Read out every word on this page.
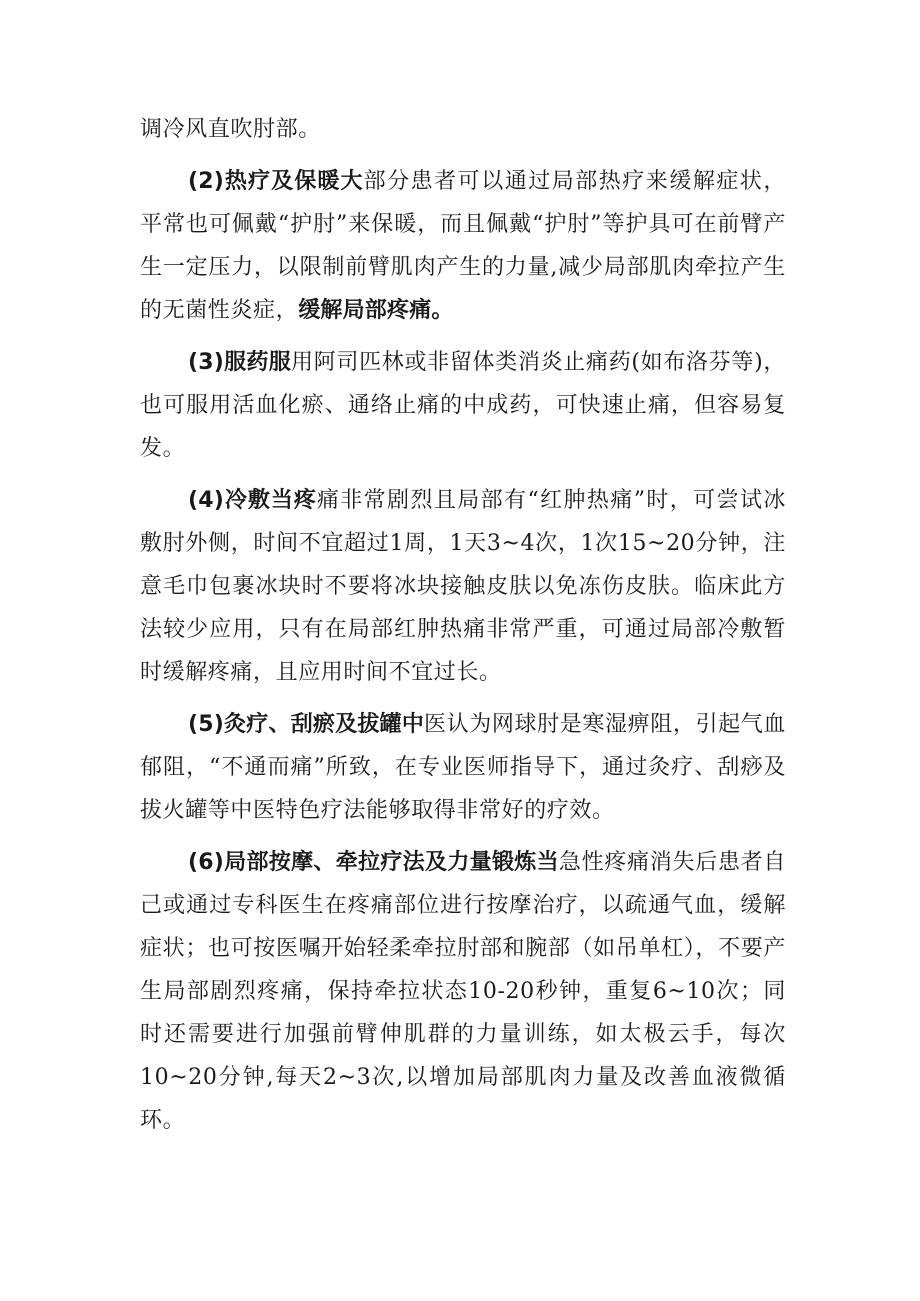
调冷风直吹肘部。

(2)热疗及保暖大部分患者可以通过局部热疗来缓解症状，平常也可佩戴“护肘”来保暖，而且佩戴“护肘”等护具可在前臂产生一定压力，以限制前臂肌肉产生的力量,减少局部肌肉牵拉产生的无菌性炎症，缓解局部疼痛。

(3)服药服用阿司匹林或非留体类消炎止痛药(如布洛芬等)，也可服用活血化瘀、通络止痛的中成药，可快速止痛，但容易复发。

(4)冷敷当疼痛非常剧烈且局部有“红肿热痛”时，可尝试冰敷肘外侧，时间不宜超过1周，1天3~4次，1次15~20分钟，注意毛巾包裹冰块时不要将冰块接触皮肤以免冻伤皮肤。临床此方法较少应用，只有在局部红肿热痛非常严重，可通过局部冷敷暂时缓解疼痛，且应用时间不宜过长。

(5)灸疗、刮瘀及拔罐中医认为网球肘是寒湿痹阻，引起气血郁阻，“不通而痛”所致，在专业医师指导下，通过灸疗、刮痧及拔火罐等中医特色疗法能够取得非常好的疗效。

(6)局部按摩、牵拉疗法及力量锻炼当急性疼痛消失后患者自己或通过专科医生在疼痛部位进行按摩治疗，以疏通气血，缓解症状；也可按医嘱开始轻柔牵拉肘部和腕部（如吊单杠），不要产生局部剧烈疼痛，保持牵拉状态10-20秒钟，重复6~10次；同时还需要进行加强前臂伸肌群的力量训练，如太极云手，每次10~20分钟,每天2~3次,以增加局部肌肉力量及改善血液微循环。
